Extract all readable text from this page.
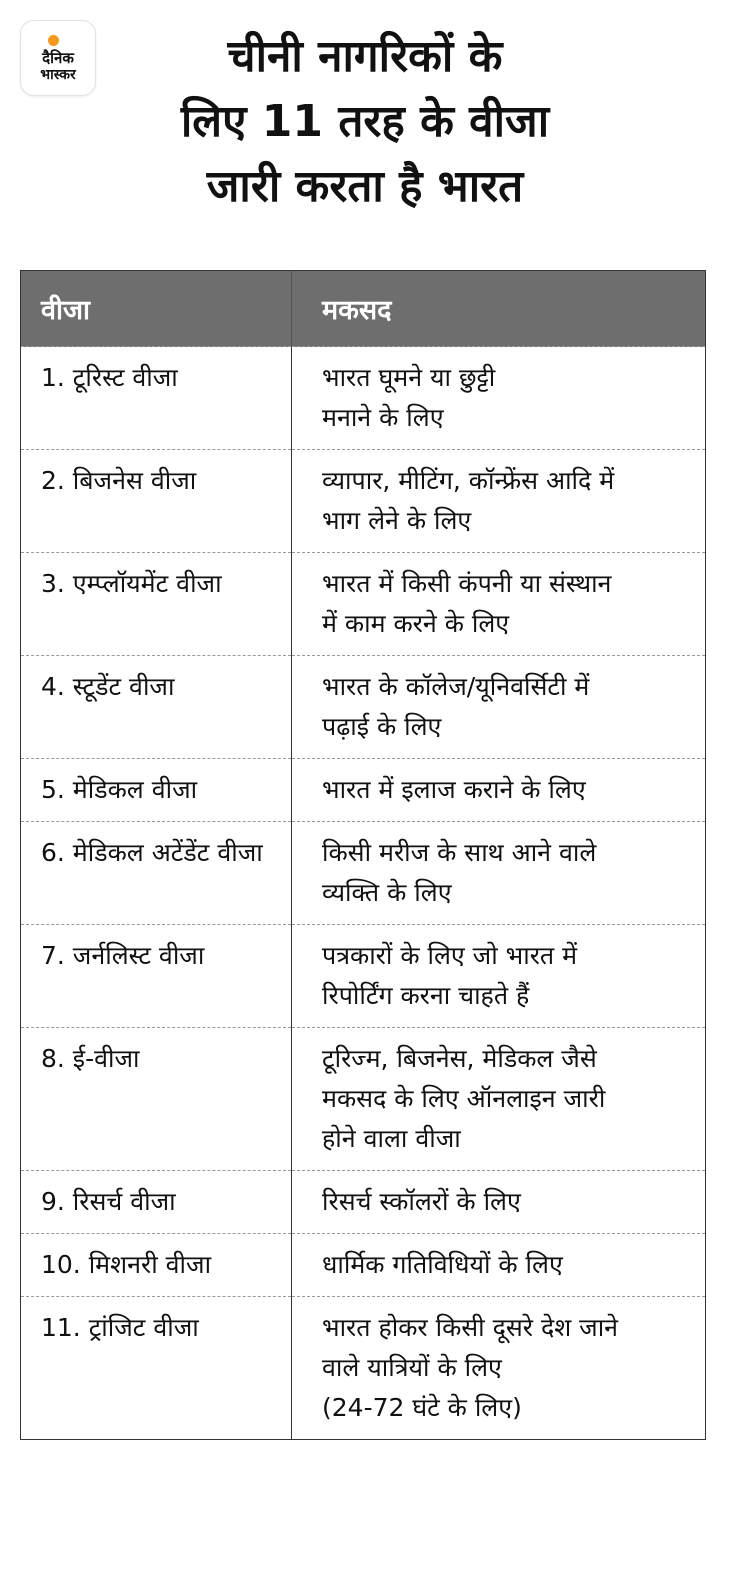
दैनिक
भास्कर	चीनी नागरिकों के
लिए 11 तरह के वीजा
जारी करता है भारत
वीजा	मकसद

1. टूरिस्ट वीजा	भारत घूमने या छुट्टी
मनाने के लिए

2. बिजनेस वीजा	व्यापार, मीटिंग, कॉन्फ्रेंस आदि में
भाग लेने के लिए

3. एम्प्लॉयमेंट वीजा	भारत में किसी कंपनी या संस्थान
में काम करने के लिए

4. स्टूडेंट वीजा	भारत के कॉलेज/यूनिवर्सिटी में
पढ़ाई के लिए

5. मेडिकल वीजा	भारत में इलाज कराने के लिए

6. मेडिकल अटेंडेंट वीजा	किसी मरीज के साथ आने वाले
व्यक्ति के लिए

7. जर्नलिस्ट वीजा	पत्रकारों के लिए जो भारत में
रिपोर्टिंग करना चाहते हैं

8. ई-वीजा	टूरिज्म, बिजनेस, मेडिकल जैसे
मकसद के लिए ऑनलाइन जारी
होने वाला वीजा

9. रिसर्च वीजा	रिसर्च स्कॉलरों के लिए

10. मिशनरी वीजा	धार्मिक गतिविधियों के लिए

11. ट्रांजिट वीजा	भारत होकर किसी दूसरे देश जाने
वाले यात्रियों के लिए
(24-72 घंटे के लिए)
